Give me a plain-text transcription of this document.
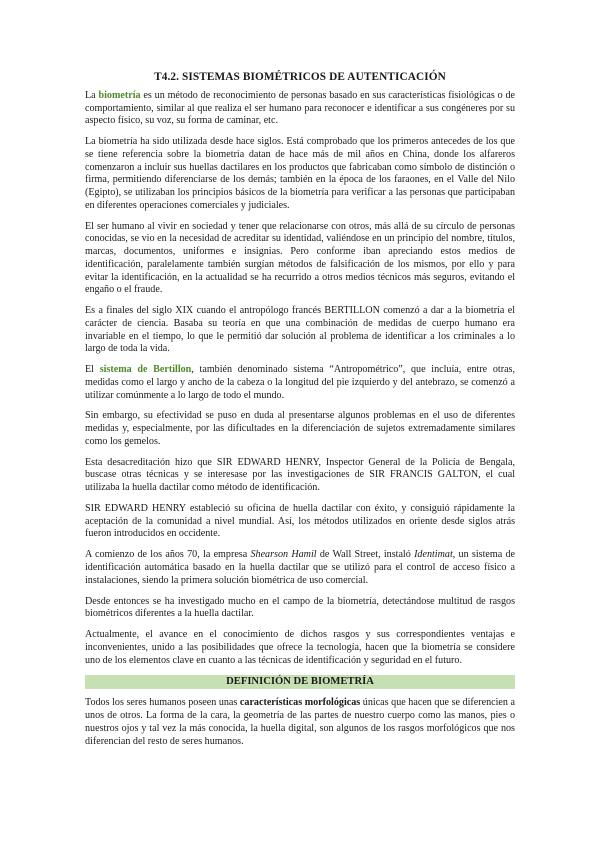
T4.2. SISTEMAS BIOMÉTRICOS DE AUTENTICACIÓN

La biometría es un método de reconocimiento de personas basado en sus características fisiológicas o de comportamiento, similar al que realiza el ser humano para reconocer e identificar a sus congéneres por su aspecto físico, su voz, su forma de caminar, etc.

La biometría ha sido utilizada desde hace siglos. Está comprobado que los primeros antecedes de los que se tiene referencia sobre la biometría datan de hace más de mil años en China, donde los alfareros comenzaron a incluir sus huellas dactilares en los productos que fabricaban como símbolo de distinción o firma, permitiendo diferenciarse de los demás; también en la época de los faraones, en el Valle del Nilo (Egipto), se utilizaban los principios básicos de la biometría para verificar a las personas que participaban en diferentes operaciones comerciales y judiciales.

El ser humano al vivir en sociedad y tener que relacionarse con otros, más allá de su círculo de personas conocidas, se vio en la necesidad de acreditar su identidad, valiéndose en un principio del nombre, títulos, marcas, documentos, uniformes e insignias. Pero conforme iban apreciando estos medios de identificación, paralelamente también surgían métodos de falsificación de los mismos, por ello y para evitar la identificación, en la actualidad se ha recurrido a otros medios técnicos más seguros, evitando el engaño o el fraude.

Es a finales del siglo XIX cuando el antropólogo francés BERTILLON comenzó a dar a la biometría el carácter de ciencia. Basaba su teoría en que una combinación de medidas de cuerpo humano era invariable en el tiempo, lo que le permitió dar solución al problema de identificar a los criminales a lo largo de toda la vida.

El sistema de Bertillon, también denominado sistema “Antropométrico”, que incluía, entre otras, medidas como el largo y ancho de la cabeza o la longitud del pie izquierdo y del antebrazo, se comenzó a utilizar comúnmente a lo largo de todo el mundo.

Sin embargo, su efectividad se puso en duda al presentarse algunos problemas en el uso de diferentes medidas y, especialmente, por las dificultades en la diferenciación de sujetos extremadamente similares como los gemelos.

Esta desacreditación hizo que SIR EDWARD HENRY, Inspector General de la Policía de Bengala, buscase otras técnicas y se interesase por las investigaciones de SIR FRANCIS GALTON, el cual utilizaba la huella dactilar como método de identificación.

SIR EDWARD HENRY estableció su oficina de huella dactilar con éxito, y consiguió rápidamente la aceptación de la comunidad a nivel mundial. Así, los métodos utilizados en oriente desde siglos atrás fueron introducidos en occidente.

A comienzo de los años 70, la empresa Shearson Hamil de Wall Street, instaló Identimat, un sistema de identificación automática basado en la huella dactilar que se utilizó para el control de acceso físico a instalaciones, siendo la primera solución biométrica de uso comercial.

Desde entonces se ha investigado mucho en el campo de la biometría, detectándose multitud de rasgos biométricos diferentes a la huella dactilar.

Actualmente, el avance en el conocimiento de dichos rasgos y sus correspondientes ventajas e inconvenientes, unido a las posibilidades que ofrece la tecnología, hacen que la biometría se considere uno de los elementos clave en cuanto a las técnicas de identificación y seguridad en el futuro.

DEFINICIÓN DE BIOMETRÍA

Todos los seres humanos poseen unas características morfológicas únicas que hacen que se diferencien a unos de otros. La forma de la cara, la geometría de las partes de nuestro cuerpo como las manos, pies o nuestros ojos y tal vez la más conocida, la huella digital, son algunos de los rasgos morfológicos que nos diferencian del resto de seres humanos.
